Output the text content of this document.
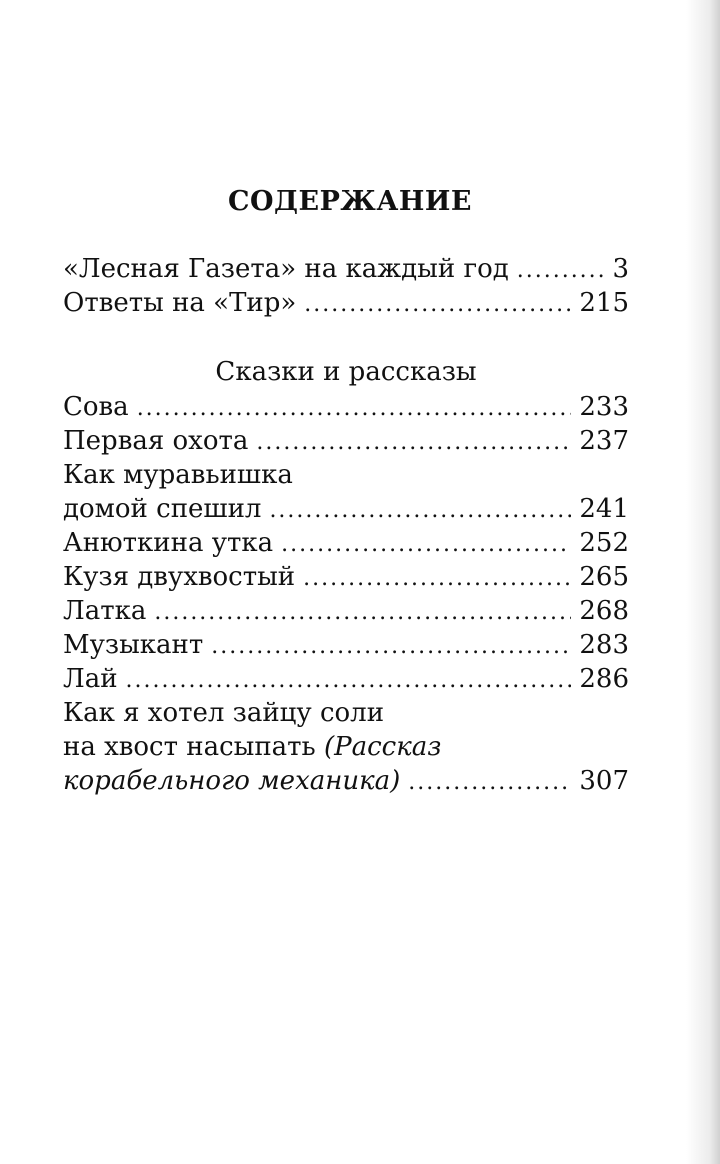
СОДЕРЖАНИЕ
«Лесная Газета» на каждый год .....	3
Ответы на «Тир» .....	215
Сказки и рассказы
Сова .....	233
Первая охота .....	237
Как муравьишка
домой спешил .....	241
Анюткина утка .....	252
Кузя двухвостый .....	265
Латка .....	268
Музыкант .....	283
Лай .....	286
Как я хотел зайцу соли
на хвост насыпать (Рассказ
корабельного механика) .....	307
